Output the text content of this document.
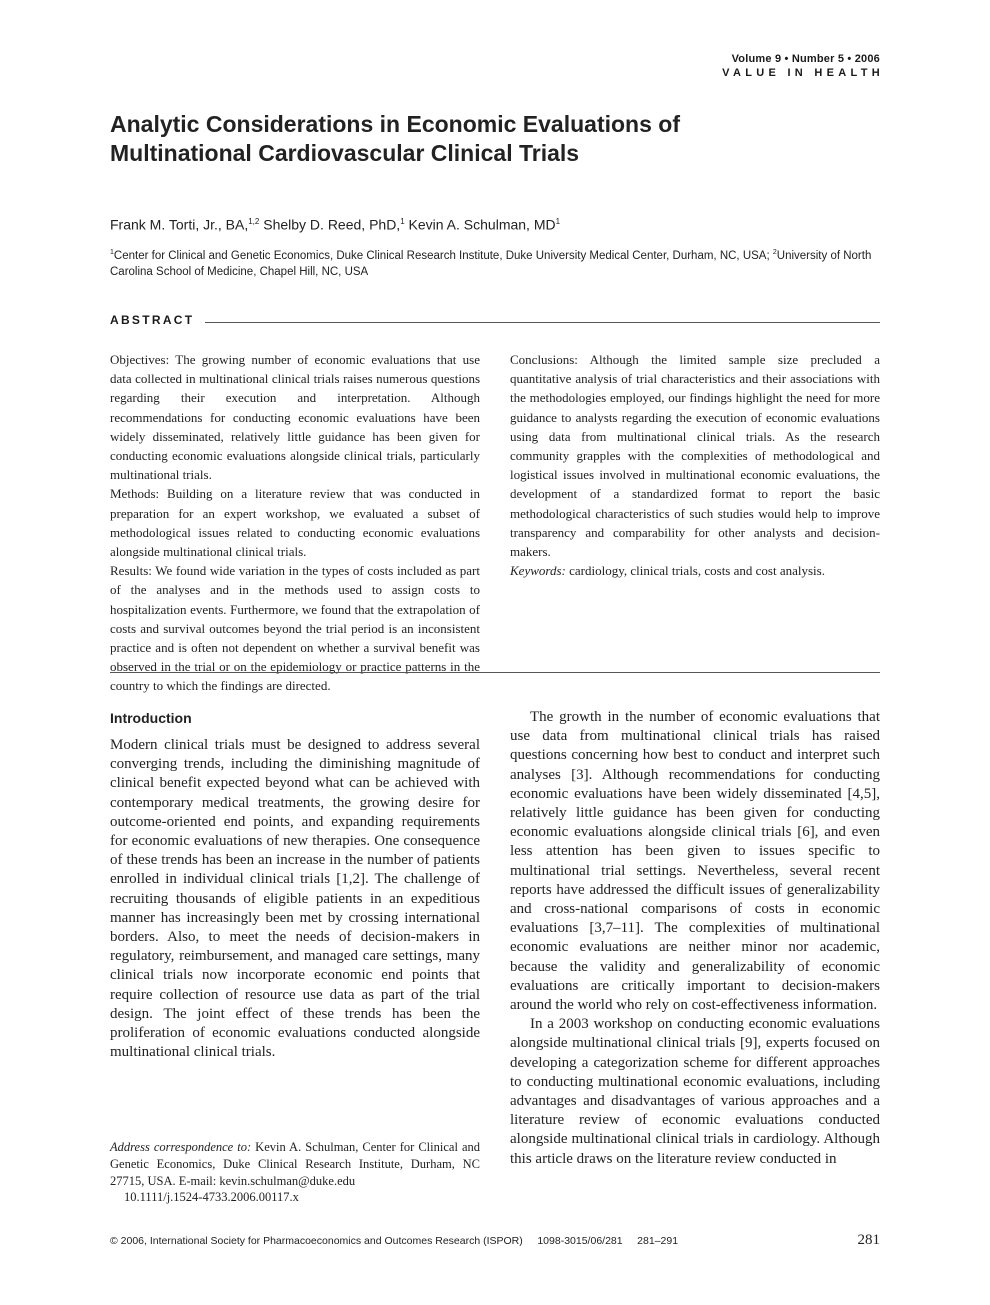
Volume 9 • Number 5 • 2006
VALUE IN HEALTH
Analytic Considerations in Economic Evaluations of
Multinational Cardiovascular Clinical Trials
Frank M. Torti, Jr., BA,$^{1,2}$ Shelby D. Reed, PhD,$^1$ Kevin A. Schulman, $MD^1$
$^1$Center for Clinical and Genetic Economics, Duke Clinical Research Institute, Duke University Medical Center, Durham, NC, USA; $^2$University of North Carolina School of Medicine, Chapel Hill, NC, USA
ABSTRACT

Objectives: The growing number of economic evaluations that use data collected in multinational clinical trials raises numerous questions regarding their execution and interpretation. Although recommendations for conducting economic evaluations have been widely disseminated, relatively little guidance has been given for conducting economic evaluations alongside clinical trials, particularly multinational trials.

Methods: Building on a literature review that was conducted in preparation for an expert workshop, we evaluated a subset of methodological issues related to conducting economic evaluations alongside multinational clinical trials.

Results: We found wide variation in the types of costs included as part of the analyses and in the methods used to assign costs to hospitalization events. Furthermore, we found that the extrapolation of costs and survival outcomes beyond the trial period is an inconsistent practice and is often not dependent on whether a survival benefit was observed in the trial or on the epidemiology or practice patterns in the country to which the findings are directed.

Conclusions: Although the limited sample size precluded a quantitative analysis of trial characteristics and their associations with the methodologies employed, our findings highlight the need for more guidance to analysts regarding the execution of economic evaluations using data from multinational clinical trials. As the research community grapples with the complexities of methodological and logistical issues involved in multinational economic evaluations, the development of a standardized format to report the basic methodological characteristics of such studies would help to improve transparency and comparability for other analysts and decision-makers.

Keywords: cardiology, clinical trials, costs and cost analysis.

Introduction

Modern clinical trials must be designed to address several converging trends, including the diminishing magnitude of clinical benefit expected beyond what can be achieved with contemporary medical treatments, the growing desire for outcome-oriented end points, and expanding requirements for economic evaluations of new therapies. One consequence of these trends has been an increase in the number of patients enrolled in individual clinical trials [1,2]. The challenge of recruiting thousands of eligible patients in an expeditious manner has increasingly been met by crossing international borders. Also, to meet the needs of decision-makers in regulatory, reimbursement, and managed care settings, many clinical trials now incorporate economic end points that require collection of resource use data as part of the trial design. The joint effect of these trends has been the proliferation of economic evaluations conducted alongside multinational clinical trials.

Address correspondence to: Kevin A. Schulman, Center for Clinical and Genetic Economics, Duke Clinical Research Institute, Durham, NC 27715, USA. E-mail: kevin.schulman@duke.edu

10.1111/j.1524-4733.2006.00117.x

The growth in the number of economic evaluations that use data from multinational clinical trials has raised questions concerning how best to conduct and interpret such analyses [3]. Although recommendations for conducting economic evaluations have been widely disseminated [4,5], relatively little guidance has been given for conducting economic evaluations alongside clinical trials [6], and even less attention has been given to issues specific to multinational trial settings. Nevertheless, several recent reports have addressed the difficult issues of generalizability and cross-national comparisons of costs in economic evaluations [3,7–11]. The complexities of multinational economic evaluations are neither minor nor academic, because the validity and generalizability of economic evaluations are critically important to decision-makers around the world who rely on cost-effectiveness information.

In a 2003 workshop on conducting economic evaluations alongside multinational clinical trials [9], experts focused on developing a categorization scheme for different approaches to conducting multinational economic evaluations, including advantages and disadvantages of various approaches and a literature review of economic evaluations conducted alongside multinational clinical trials in cardiology. Although this article draws on the literature review conducted in

© 2006, International Society for Pharmacoeconomics and Outcomes Research (ISPOR)     1098-3015/06/281     281–291	281
